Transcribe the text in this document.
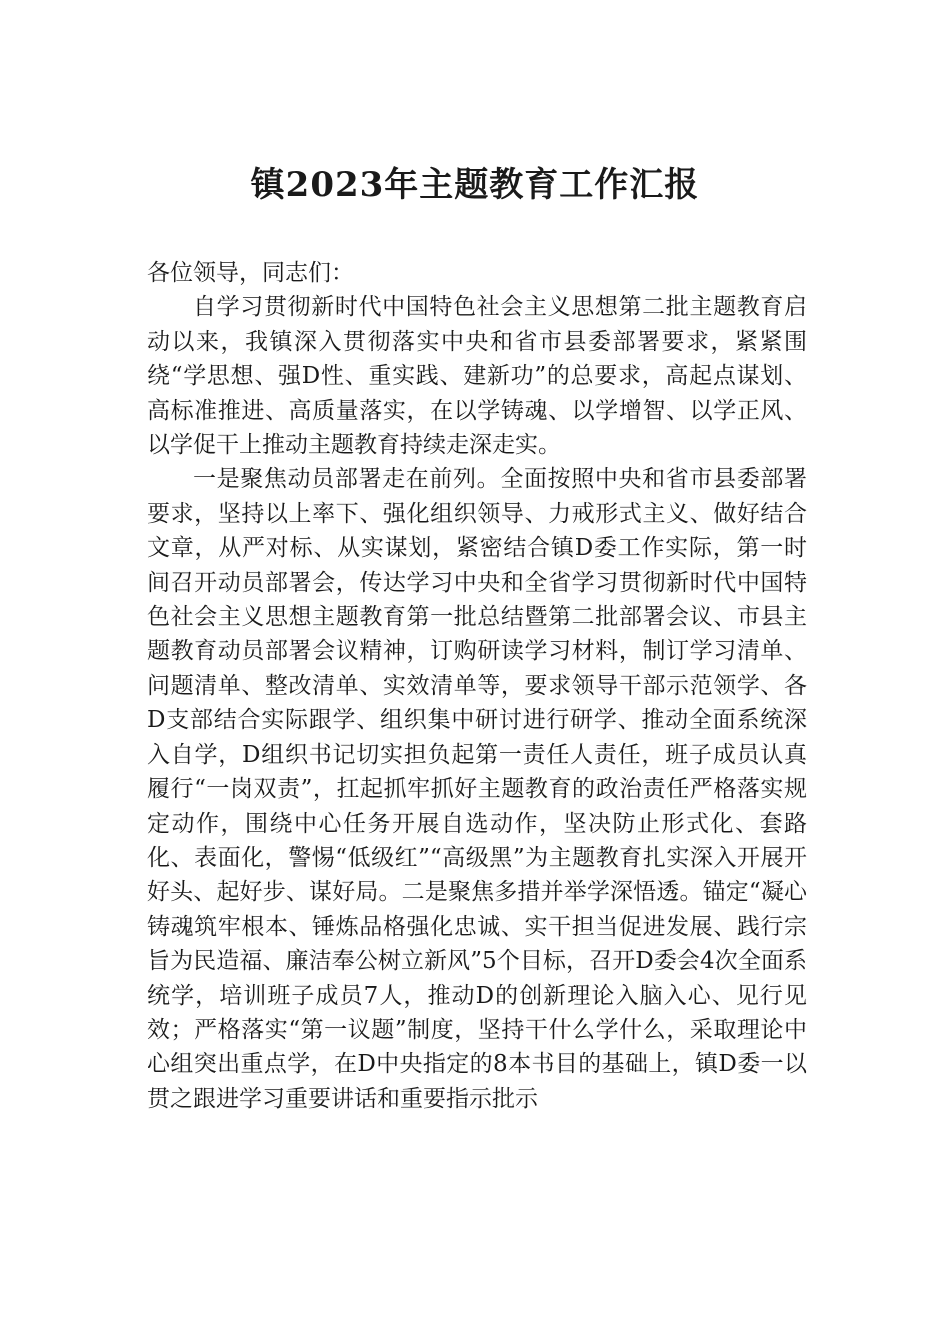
镇2023年主题教育工作汇报

各位领导，同志们：

自学习贯彻新时代中国特色社会主义思想第二批主题教育启动以来，我镇深入贯彻落实中央和省市县委部署要求，紧紧围绕“学思想、强D性、重实践、建新功”的总要求，高起点谋划、高标准推进、高质量落实，在以学铸魂、以学增智、以学正风、以学促干上推动主题教育持续走深走实。

一是聚焦动员部署走在前列。全面按照中央和省市县委部署要求，坚持以上率下、强化组织领导、力戒形式主义、做好结合文章，从严对标、从实谋划，紧密结合镇D委工作实际，第一时间召开动员部署会，传达学习中央和全省学习贯彻新时代中国特色社会主义思想主题教育第一批总结暨第二批部署会议、市县主题教育动员部署会议精神，订购研读学习材料，制订学习清单、问题清单、整改清单、实效清单等，要求领导干部示范领学、各D支部结合实际跟学、组织集中研讨进行研学、推动全面系统深入自学，D组织书记切实担负起第一责任人责任，班子成员认真履行“一岗双责”，扛起抓牢抓好主题教育的政治责任严格落实规定动作，围绕中心任务开展自选动作，坚决防止形式化、套路化、表面化，警惕“低级红”“高级黑”为主题教育扎实深入开展开好头、起好步、谋好局。二是聚焦多措并举学深悟透。锚定“凝心铸魂筑牢根本、锤炼品格强化忠诚、实干担当促进发展、践行宗旨为民造福、廉洁奉公树立新风”5个目标，召开D委会4次全面系统学，培训班子成员7人，推动D的创新理论入脑入心、见行见效；严格落实“第一议题”制度，坚持干什么学什么，采取理论中心组突出重点学，在D中央指定的8本书目的基础上，镇D委一以贯之跟进学习重要讲话和重要指示批示
